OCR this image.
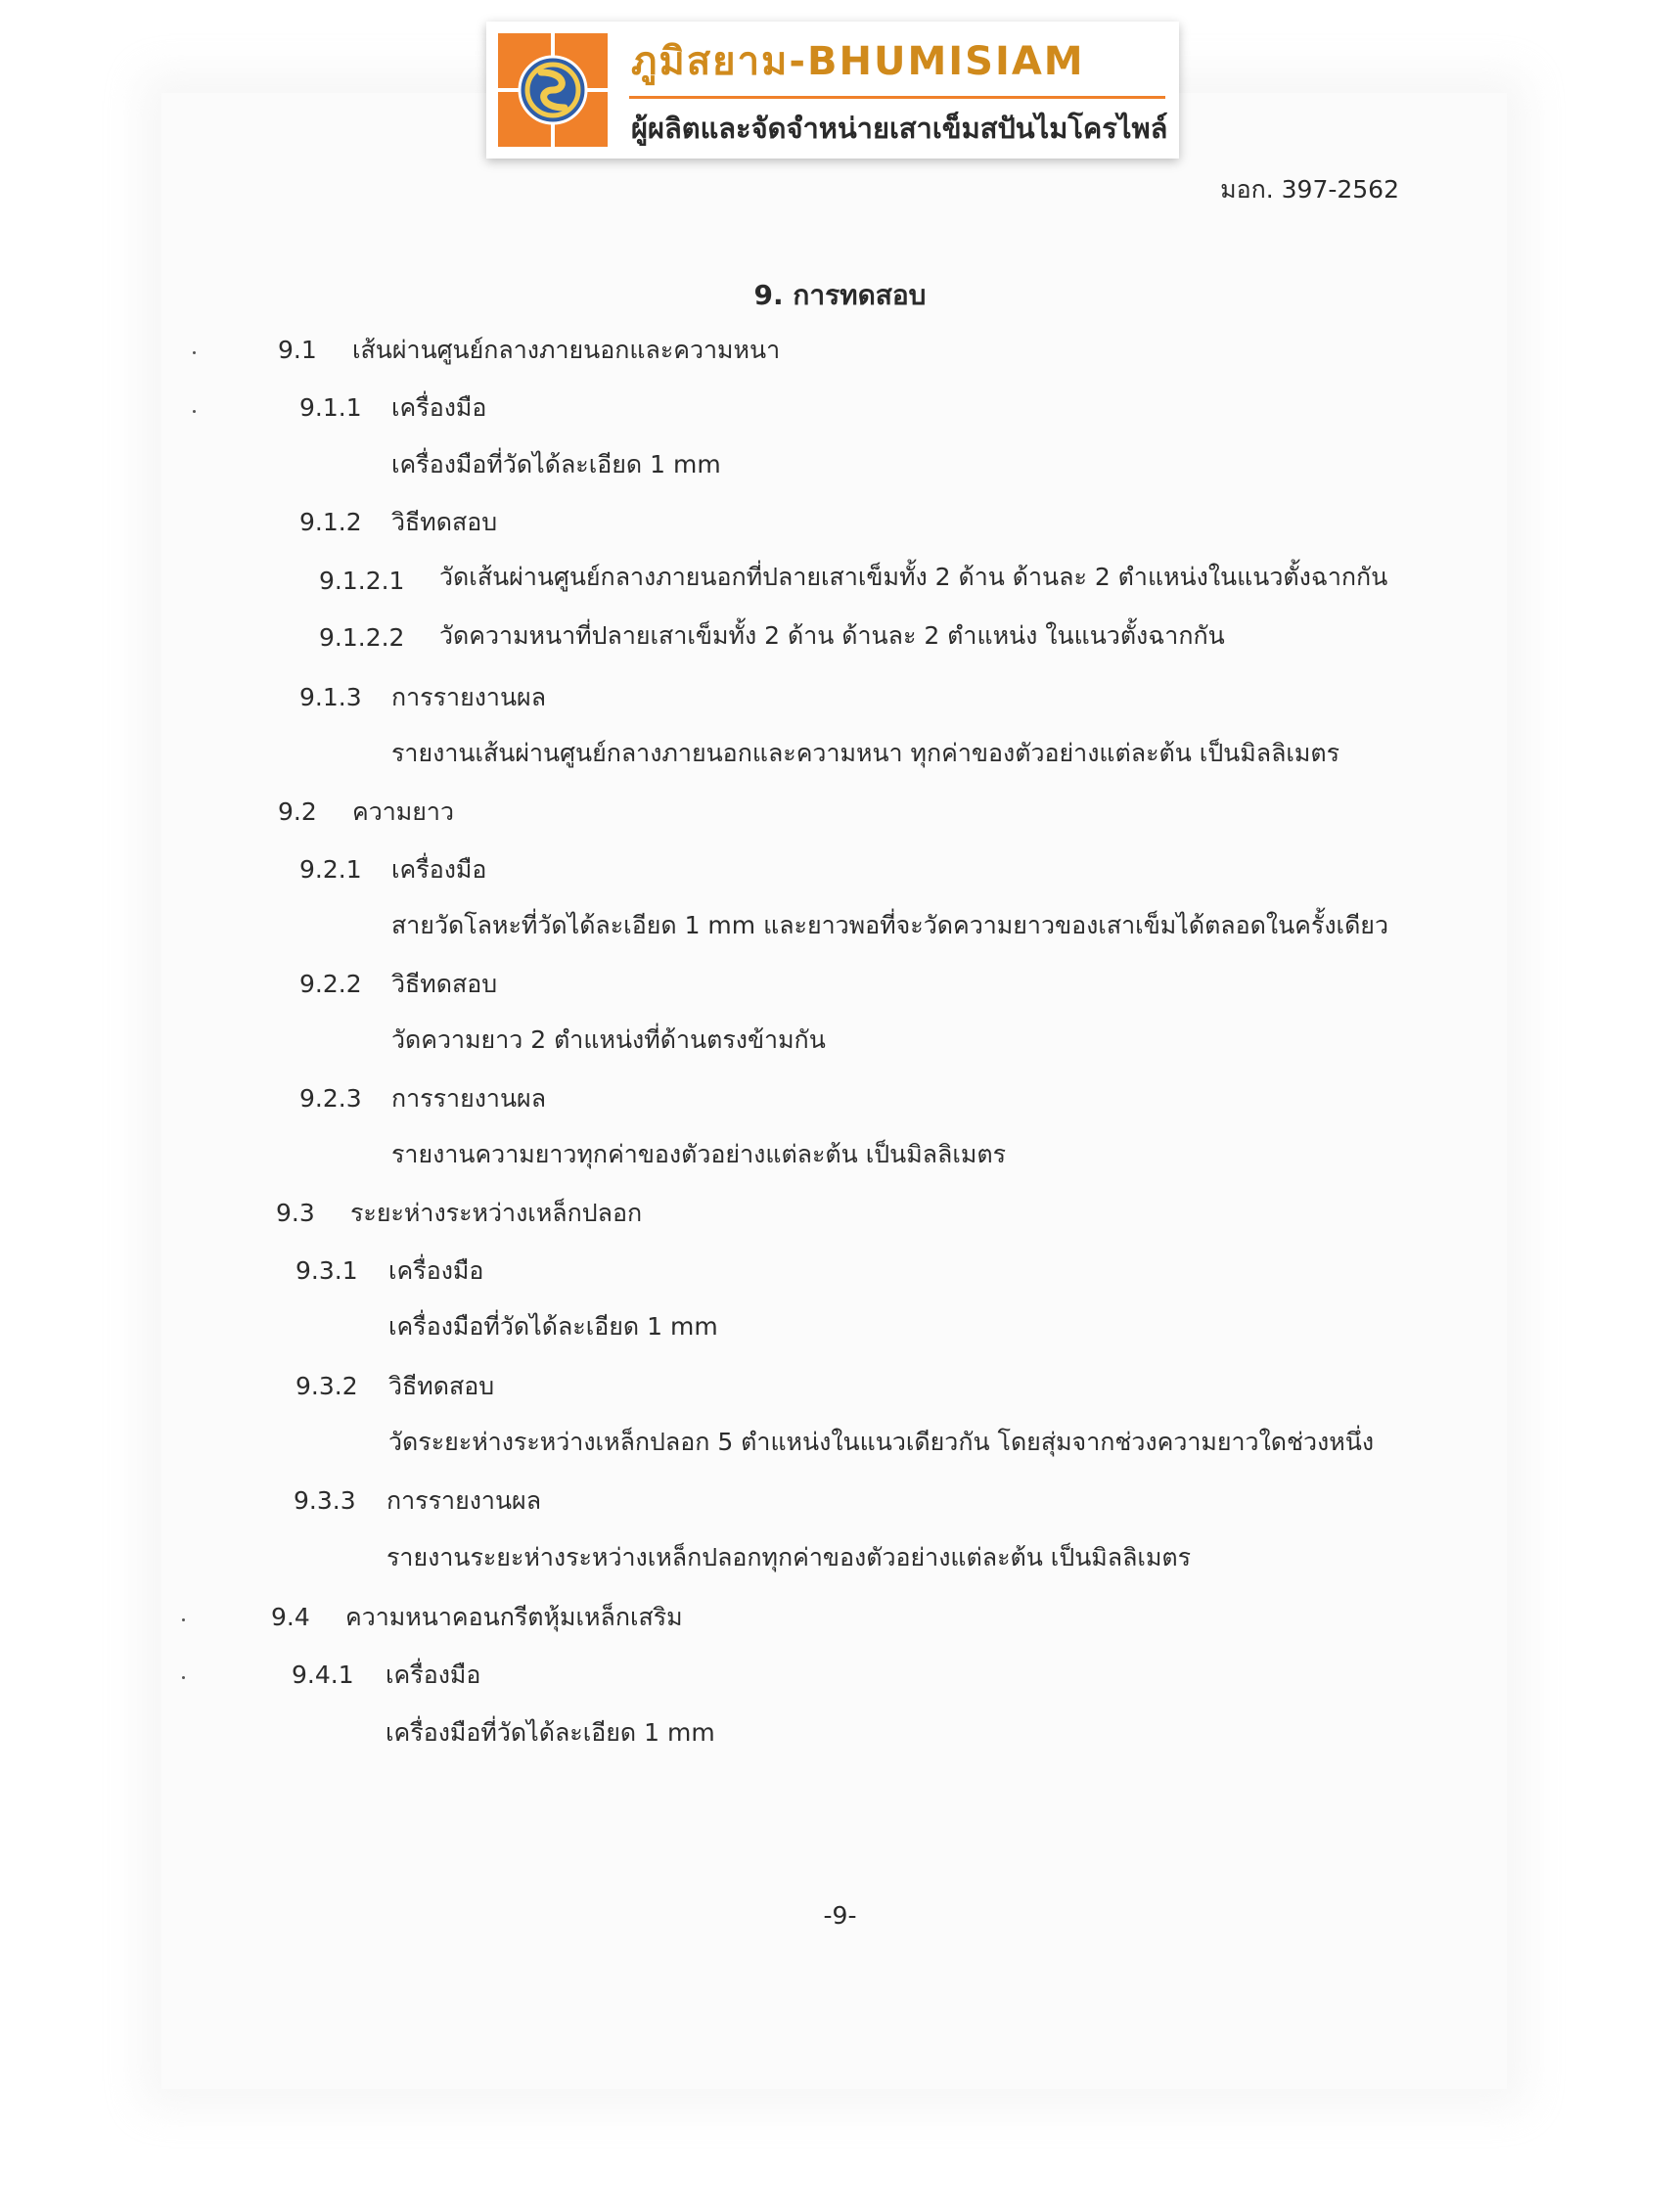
ภูมิสยาม-BHUMISIAM
ผู้ผลิตและจัดจำหน่ายเสาเข็มสปันไมโครไพล์
มอก. 397-2562
9. การทดสอบ
9.1 เส้นผ่านศูนย์กลางภายนอกและความหนา
9.1.1 เครื่องมือ
เครื่องมือที่วัดได้ละเอียด 1 mm
9.1.2 วิธีทดสอบ
9.1.2.1 วัดเส้นผ่านศูนย์กลางภายนอกที่ปลายเสาเข็มทั้ง 2 ด้าน ด้านละ 2 ตำแหน่งในแนวตั้งฉากกัน
9.1.2.2 วัดความหนาที่ปลายเสาเข็มทั้ง 2 ด้าน ด้านละ 2 ตำแหน่ง ในแนวตั้งฉากกัน
9.1.3 การรายงานผล
รายงานเส้นผ่านศูนย์กลางภายนอกและความหนา ทุกค่าของตัวอย่างแต่ละต้น เป็นมิลลิเมตร
9.2 ความยาว
9.2.1 เครื่องมือ
สายวัดโลหะที่วัดได้ละเอียด 1 mm และยาวพอที่จะวัดความยาวของเสาเข็มได้ตลอดในครั้งเดียว
9.2.2 วิธีทดสอบ
วัดความยาว 2 ตำแหน่งที่ด้านตรงข้ามกัน
9.2.3 การรายงานผล
รายงานความยาวทุกค่าของตัวอย่างแต่ละต้น เป็นมิลลิเมตร
9.3 ระยะห่างระหว่างเหล็กปลอก
9.3.1 เครื่องมือ
เครื่องมือที่วัดได้ละเอียด 1 mm
9.3.2 วิธีทดสอบ
วัดระยะห่างระหว่างเหล็กปลอก 5 ตำแหน่งในแนวเดียวกัน โดยสุ่มจากช่วงความยาวใดช่วงหนึ่ง
9.3.3 การรายงานผล
รายงานระยะห่างระหว่างเหล็กปลอกทุกค่าของตัวอย่างแต่ละต้น เป็นมิลลิเมตร
9.4 ความหนาคอนกรีตหุ้มเหล็กเสริม
9.4.1 เครื่องมือ
เครื่องมือที่วัดได้ละเอียด 1 mm
-9-
